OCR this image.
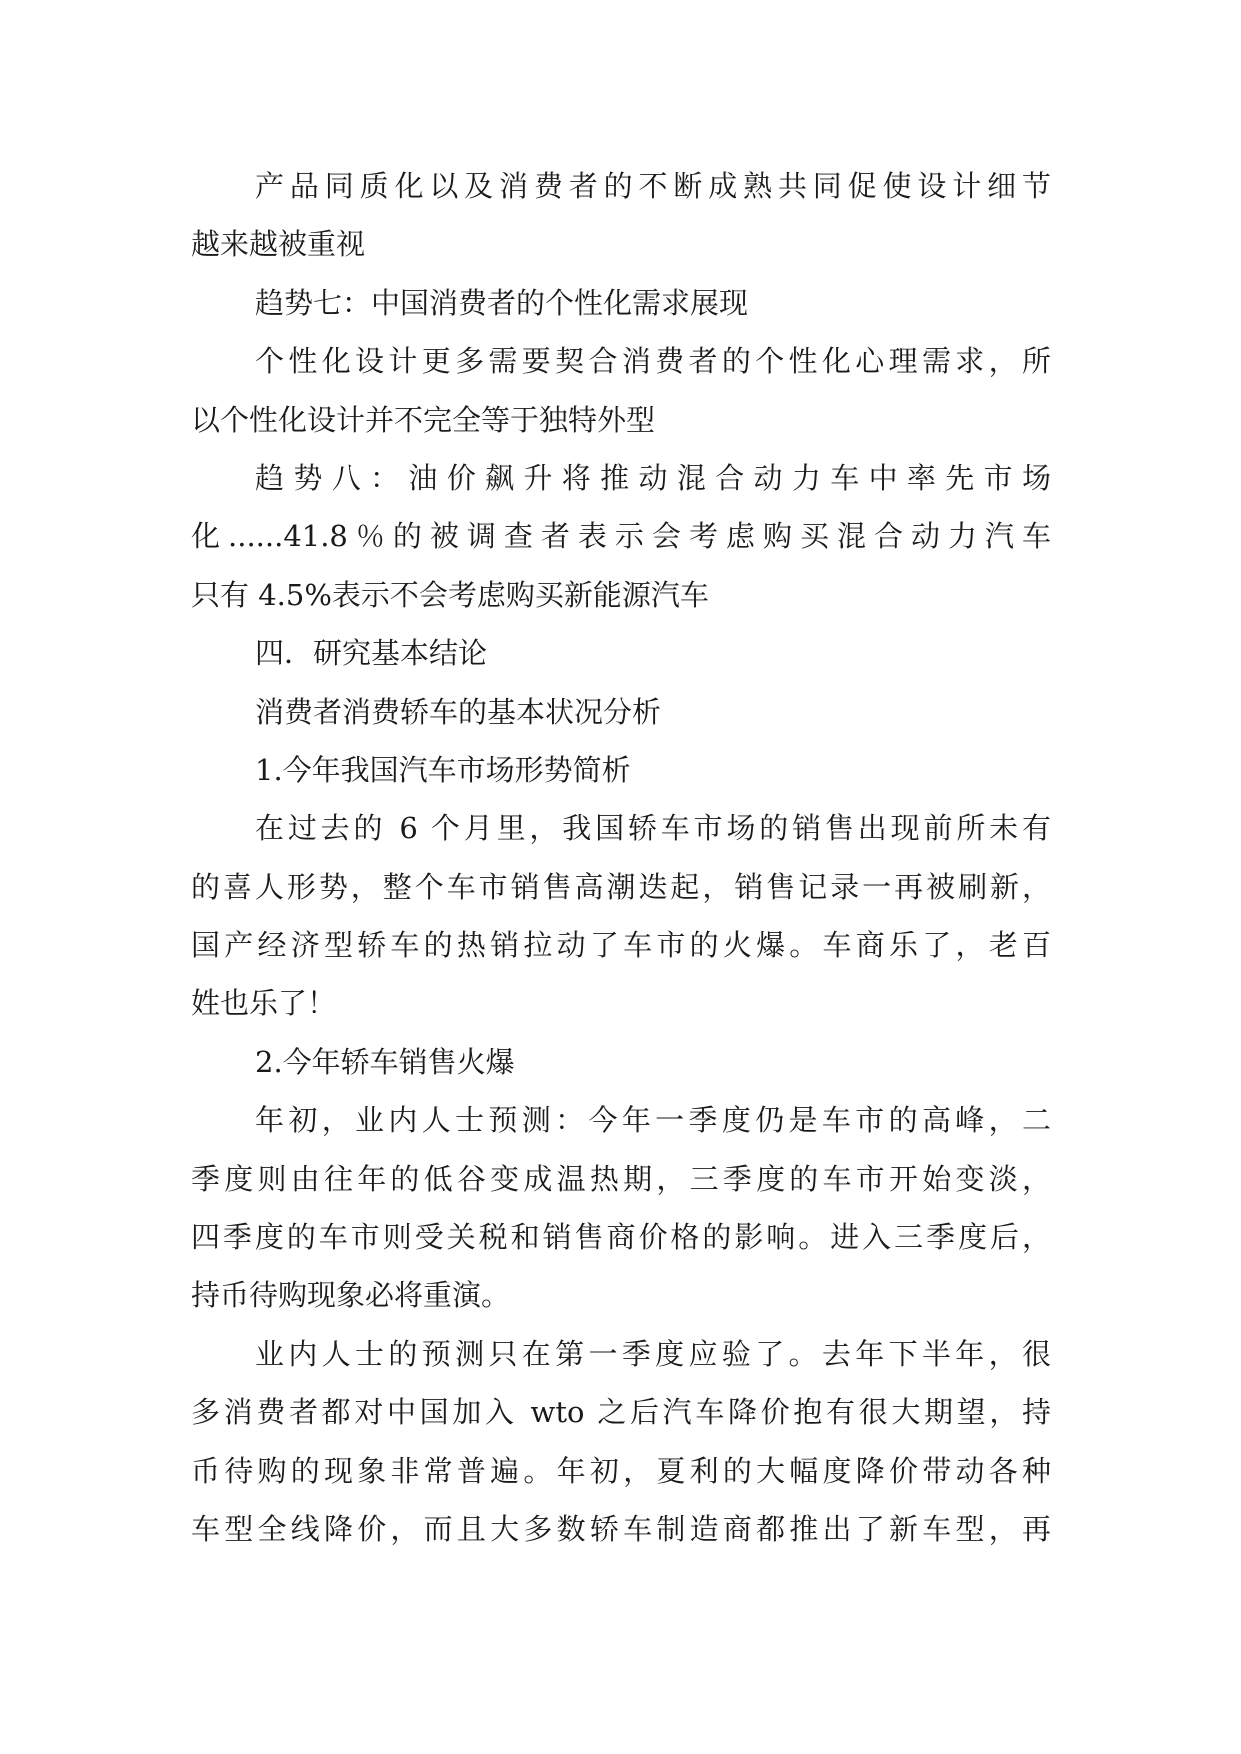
产品同质化以及消费者的不断成熟共同促使设计细节
越来越被重视
趋势七：中国消费者的个性化需求展现
个性化设计更多需要契合消费者的个性化心理需求，所
以个性化设计并不完全等于独特外型
趋势八：油价飙升将推动混合动力车中率先市场
化......41.8％的被调查者表示会考虑购买混合动力汽车
只有 4.5%表示不会考虑购买新能源汽车
四．研究基本结论
消费者消费轿车的基本状况分析
1.今年我国汽车市场形势简析
在过去的 6 个月里，我国轿车市场的销售出现前所未有
的喜人形势，整个车市销售高潮迭起，销售记录一再被刷新，
国产经济型轿车的热销拉动了车市的火爆。车商乐了，老百
姓也乐了！
2.今年轿车销售火爆
年初，业内人士预测：今年一季度仍是车市的高峰，二
季度则由往年的低谷变成温热期，三季度的车市开始变淡，
四季度的车市则受关税和销售商价格的影响。进入三季度后，
持币待购现象必将重演。
业内人士的预测只在第一季度应验了。去年下半年，很
多消费者都对中国加入 wto 之后汽车降价抱有很大期望，持
币待购的现象非常普遍。年初，夏利的大幅度降价带动各种
车型全线降价，而且大多数轿车制造商都推出了新车型，再
